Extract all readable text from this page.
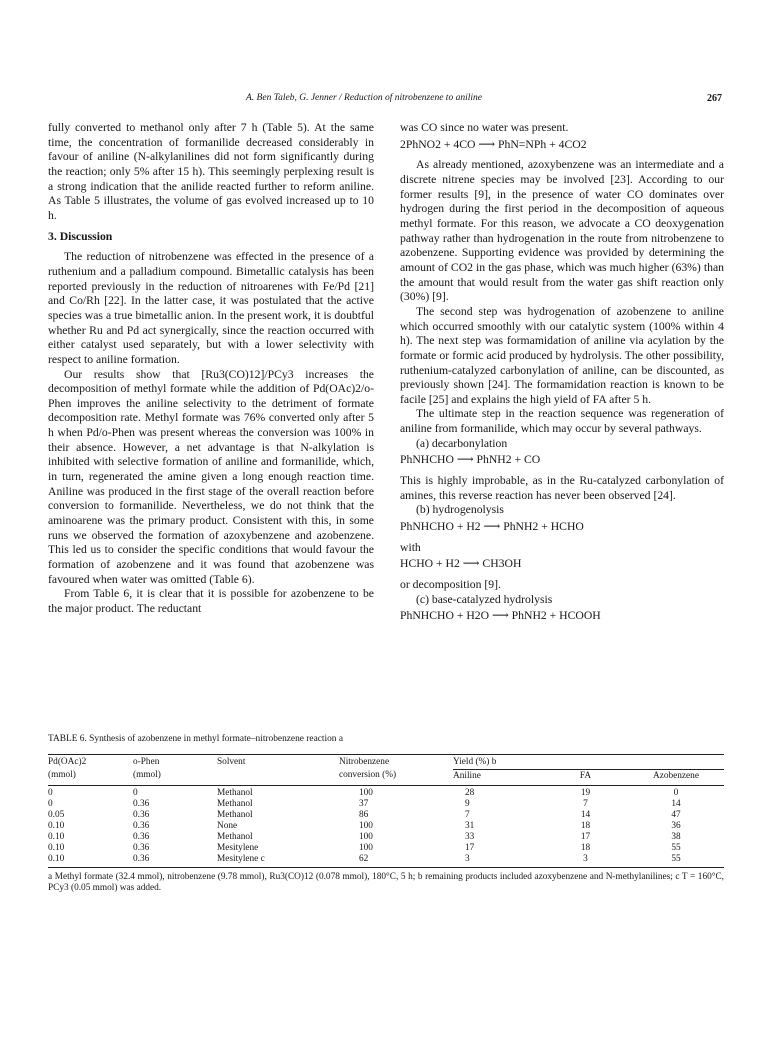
A. Ben Taleb, G. Jenner / Reduction of nitrobenzene to aniline	267

fully converted to methanol only after 7 h (Table 5). At the same time, the concentration of formanilide decreased considerably in favour of aniline (N-alkylanilines did not form significantly during the reaction; only 5% after 15 h). This seemingly perplexing result is a strong indication that the anilide reacted further to reform aniline. As Table 5 illustrates, the volume of gas evolved increased up to 10 h.

3. Discussion

The reduction of nitrobenzene was effected in the presence of a ruthenium and a palladium compound. Bimetallic catalysis has been reported previously in the reduction of nitroarenes with Fe/Pd [21] and Co/Rh [22]. In the latter case, it was postulated that the active species was a true bimetallic anion. In the present work, it is doubtful whether Ru and Pd act synergically, since the reaction occurred with either catalyst used separately, but with a lower selectivity with respect to aniline formation.

Our results show that [Ru3(CO)12]/PCy3 increases the decomposition of methyl formate while the addition of Pd(OAc)2/o-Phen improves the aniline selectivity to the detriment of formate decomposition rate. Methyl formate was 76% converted only after 5 h when Pd/o-Phen was present whereas the conversion was 100% in their absence. However, a net advantage is that N-alkylation is inhibited with selective formation of aniline and formanilide, which, in turn, regenerated the amine given a long enough reaction time. Aniline was produced in the first stage of the overall reaction before conversion to formanilide. Nevertheless, we do not think that the aminoarene was the primary product. Consistent with this, in some runs we observed the formation of azoxybenzene and azobenzene. This led us to consider the specific conditions that would favour the formation of azobenzene and it was found that azobenzene was favoured when water was omitted (Table 6).

From Table 6, it is clear that it is possible for azobenzene to be the major product. The reductant

was CO since no water was present.

2PhNO2 + 4CO ⟶ PhN=NPh + 4CO2

As already mentioned, azoxybenzene was an intermediate and a discrete nitrene species may be involved [23]. According to our former results [9], in the presence of water CO dominates over hydrogen during the first period in the decomposition of aqueous methyl formate. For this reason, we advocate a CO deoxygenation pathway rather than hydrogenation in the route from nitrobenzene to azobenzene. Supporting evidence was provided by determining the amount of CO2 in the gas phase, which was much higher (63%) than the amount that would result from the water gas shift reaction only (30%) [9].

The second step was hydrogenation of azobenzene to aniline which occurred smoothly with our catalytic system (100% within 4 h). The next step was formamidation of aniline via acylation by the formate or formic acid produced by hydrolysis. The other possibility, ruthenium-catalyzed carbonylation of aniline, can be discounted, as previously shown [24]. The formamidation reaction is known to be facile [25] and explains the high yield of FA after 5 h.

The ultimate step in the reaction sequence was regeneration of aniline from formanilide, which may occur by several pathways.

(a) decarbonylation

PhNHCHO ⟶ PhNH2 + CO

This is highly improbable, as in the Ru-catalyzed carbonylation of amines, this reverse reaction has never been observed [24].

(b) hydrogenolysis

PhNHCHO + H2 ⟶ PhNH2 + HCHO

with

HCHO + H2 ⟶ CH3OH

or decomposition [9].

(c) base-catalyzed hydrolysis

PhNHCHO + H2O ⟶ PhNH2 + HCOOH

TABLE 6. Synthesis of azobenzene in methyl formate–nitrobenzene reaction a
Pd(OAc)2	o-Phen	Solvent	Nitrobenzene	Yield (%) b		
(mmol)	(mmol)		conversion (%)	Aniline	FA	Azobenzene

0	0	Methanol	100	28	19	0
0	0.36	Methanol	37	9	7	14
0.05	0.36	Methanol	86	7	14	47
0.10	0.36	None	100	31	18	36
0.10	0.36	Methanol	100	33	17	38
0.10	0.36	Mesitylene	100	17	18	55
0.10	0.36	Mesitylene c	62	3	3	55

a Methyl formate (32.4 mmol), nitrobenzene (9.78 mmol), Ru3(CO)12 (0.078 mmol), 180°C, 5 h; b remaining products included azoxybenzene and N-methylanilines; c T = 160°C, PCy3 (0.05 mmol) was added.
